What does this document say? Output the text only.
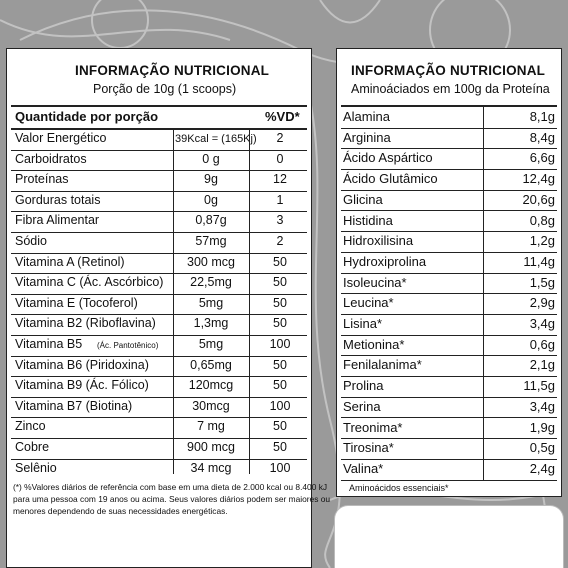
INFORMAÇÃO NUTRICIONAL
Porção de 10g (1 scoops)
Quantidade por porção	%VD*
Valor Energético	39Kcal = (165Kj)	2
Carboidratos	0 g	0
Proteínas	9g	12
Gorduras totais	0g	1
Fibra Alimentar	0,87g	3
Sódio	57mg	2
Vitamina A (Retinol)	300 mcg	50
Vitamina C (Ác. Ascórbico)	22,5mg	50
Vitamina E (Tocoferol)	5mg	50
Vitamina B2 (Riboflavina)	1,3mg	50
Vitamina B5 (Ác. Pantotênico)	5mg	100
Vitamina B6 (Piridoxina)	0,65mg	50
Vitamina B9 (Ác. Fólico)	120mcg	50
Vitamina B7 (Biotina)	30mcg	100
Zinco	7 mg	50
Cobre	900 mcg	50
Selênio	34 mcg	100
(*) %Valores diários de referência com base em uma dieta de 2.000 kcal ou 8.400 kJ
para uma pessoa com 19 anos ou acima. Seus valores diários podem ser maiores ou
menores dependendo de suas necessidades energéticas.
INFORMAÇÃO NUTRICIONAL
Aminoáciados em 100g da Proteína
Alamina	8,1g
Arginina	8,4g
Ácido Aspártico	6,6g
Ácido Glutâmico	12,4g
Glicina	20,6g
Histidina	0,8g
Hidroxilisina	1,2g
Hydroxiprolina	11,4g
Isoleucina*	1,5g
Leucina*	2,9g
Lisina*	3,4g
Metionina*	0,6g
Fenilalanima*	2,1g
Prolina	11,5g
Serina	3,4g
Treonima*	1,9g
Tirosina*	0,5g
Valina*	2,4g
Aminoácidos essenciais*
